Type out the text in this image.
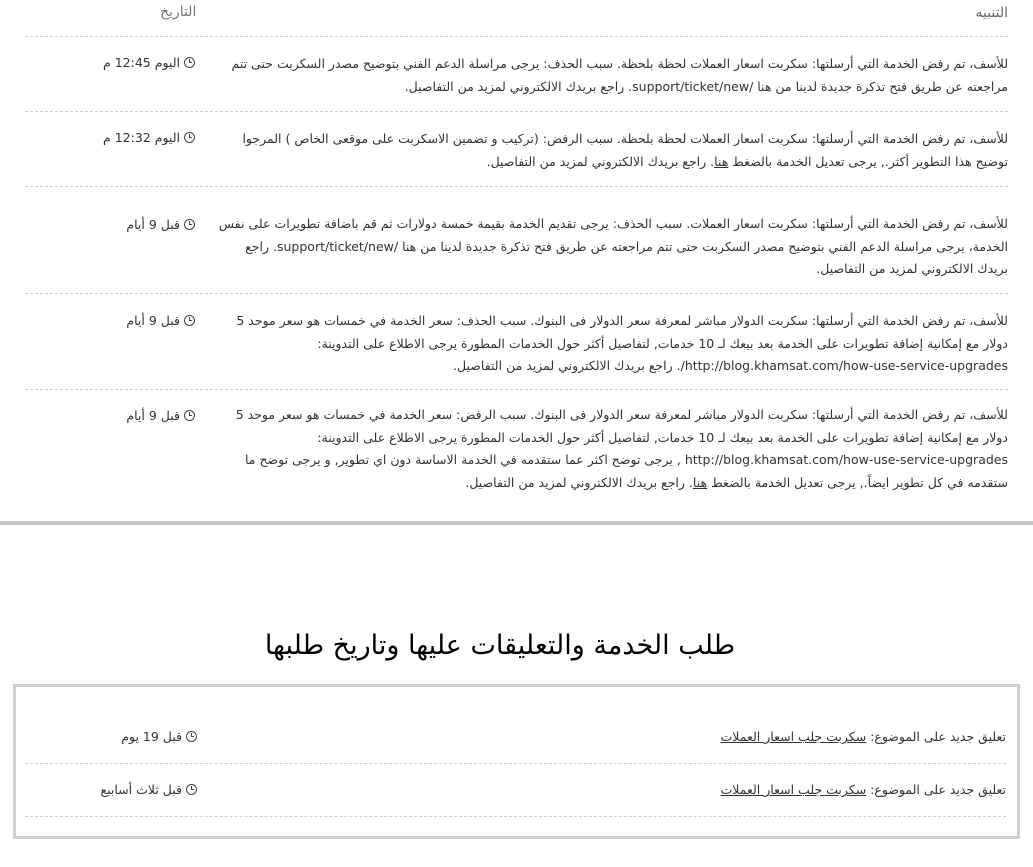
التنبيه
التاريخ
للأسف، تم رفض الخدمة التي أرسلتها: سكربت اسعار العملات لحظة بلحظة. سبب الحذف: يرجى مراسلة الدعم الفني بتوضيح مصدر السكربت حتى تتم مراجعته عن طريق فتح تذكرة جديدة لدينا من هنا /support/ticket/new. راجع بريدك الالكتروني لمزيد من التفاصيل.
اليوم 12:45 م
للأسف، تم رفض الخدمة التي أرسلتها: سكربت اسعار العملات لحظة بلحظة. سبب الرفض: (تركيب و تضمين الاسكربت على موقعى الخاص ) المرجوا توضيح هذا التطوير أكثر., يرجى تعديل الخدمة بالضغط هنا. راجع بريدك الالكتروني لمزيد من التفاصيل.
اليوم 12:32 م
للأسف، تم رفض الخدمة التي أرسلتها: سكربت اسعار العملات. سبب الحذف: يرجى تقديم الخدمة بقيمة خمسة دولارات ثم قم باضافة تطويرات على نفس الخدمة، يرجى مراسلة الدعم الفني بتوضيح مصدر السكربت حتى تتم مراجعته عن طريق فتح تذكرة جديدة لدينا من هنا /support/ticket/new. راجع بريدك الالكتروني لمزيد من التفاصيل.
قبل 9 أيام
للأسف، تم رفض الخدمة التي أرسلتها: سكربت الدولار مباشر لمعرفة سعر الدولار فى البنوك. سبب الحذف: سعر الخدمة في خمسات هو سعر موحد 5 دولار مع إمكانية إضافة تطويرات على الخدمة بعد بيعك لـ 10 خدمات, لتفاصيل أكثر حول الخدمات المطورة يرجى الاطلاع على التدوينة: http://blog.khamsat.com/how-use-service-upgrades/. راجع بريدك الالكتروني لمزيد من التفاصيل.
قبل 9 أيام
للأسف، تم رفض الخدمة التي أرسلتها: سكربت الدولار مباشر لمعرفة سعر الدولار فى البنوك. سبب الرفض: سعر الخدمة في خمسات هو سعر موحد 5 دولار مع إمكانية إضافة تطويرات على الخدمة بعد بيعك لـ 10 خدمات, لتفاصيل أكثر حول الخدمات المطورة يرجى الاطلاع على التدوينة: http://blog.khamsat.com/how-use-service-upgrades , يرجى توضح اكثر عما ستقدمه في الخدمة الاساسة دون اي تطوير, و يرجى توضح ما ستقدمه في كل تطوير ايضاً., يرجى تعديل الخدمة بالضغط هنا. راجع بريدك الالكتروني لمزيد من التفاصيل.
قبل 9 أيام
طلب الخدمة والتعليقات عليها وتاريخ طلبها
تعليق جديد على الموضوع: سكربت جلب اسعار العملات
قبل 19 يوم
تعليق جديد على الموضوع: سكربت جلب اسعار العملات
قبل ثلاث أسابيع
